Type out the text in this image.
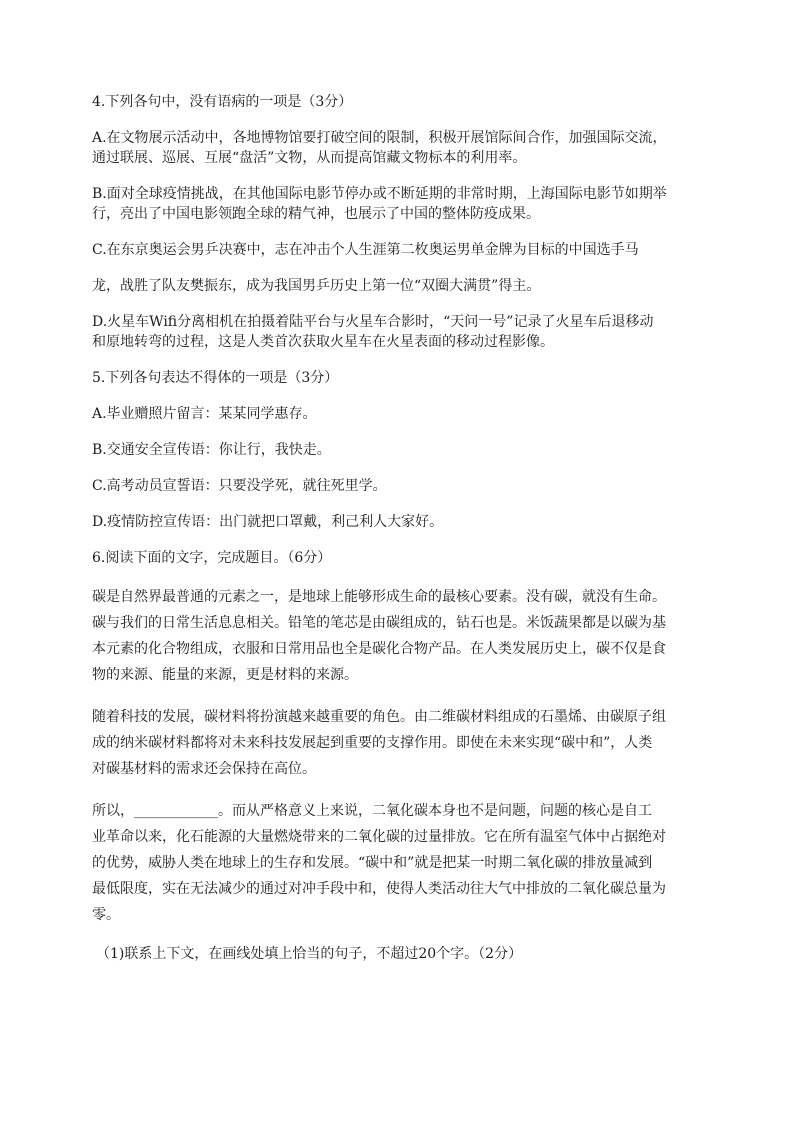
4.下列各句中，没有语病的一项是（3分）
A.在文物展示活动中，各地博物馆要打破空间的限制，积极开展馆际间合作，加强国际交流，
通过联展、巡展、互展“盘活”文物，从而提高馆藏文物标本的利用率。
B.面对全球疫情挑战，在其他国际电影节停办或不断延期的非常时期，上海国际电影节如期举
行，亮出了中国电影领跑全球的精气神，也展示了中国的整体防疫成果。
C.在东京奥运会男乒决赛中，志在冲击个人生涯第二枚奥运男单金牌为目标的中国选手马
龙，战胜了队友樊振东，成为我国男乒历史上第一位“双圈大满贯”得主。
D.火星车Wifi分离相机在拍摄着陆平台与火星车合影时，“天问一号”记录了火星车后退移动
和原地转弯的过程，这是人类首次获取火星车在火星表面的移动过程影像。
5.下列各句表达不得体的一项是（3分）
A.毕业赠照片留言：某某同学惠存。
B.交通安全宣传语：你让行，我快走。
C.高考动员宣誓语：只要没学死，就往死里学。
D.疫情防控宣传语：出门就把口罩戴，利己利人大家好。
6.阅读下面的文字，完成题目。（6分）
碳是自然界最普通的元素之一，是地球上能够形成生命的最核心要素。没有碳，就没有生命。
碳与我们的日常生活息息相关。铅笔的笔芯是由碳组成的，钻石也是。米饭蔬果都是以碳为基
本元素的化合物组成，衣服和日常用品也全是碳化合物产品。在人类发展历史上，碳不仅是食
物的来源、能量的来源，更是材料的来源。
随着科技的发展，碳材料将扮演越来越重要的角色。由二维碳材料组成的石墨烯、由碳原子组
成的纳米碳材料都将对未来科技发展起到重要的支撑作用。即使在未来实现“碳中和”，人类
对碳基材料的需求还会保持在高位。
所以，____________。而从严格意义上来说，二氧化碳本身也不是问题，问题的核心是自工
业革命以来，化石能源的大量燃烧带来的二氧化碳的过量排放。它在所有温室气体中占据绝对
的优势，威胁人类在地球上的生存和发展。“碳中和”就是把某一时期二氧化碳的排放量减到
最低限度，实在无法减少的通过对冲手段中和，使得人类活动往大气中排放的二氧化碳总量为
零。
（1)联系上下文，在画线处填上恰当的句子，不超过20个字。（2分）
